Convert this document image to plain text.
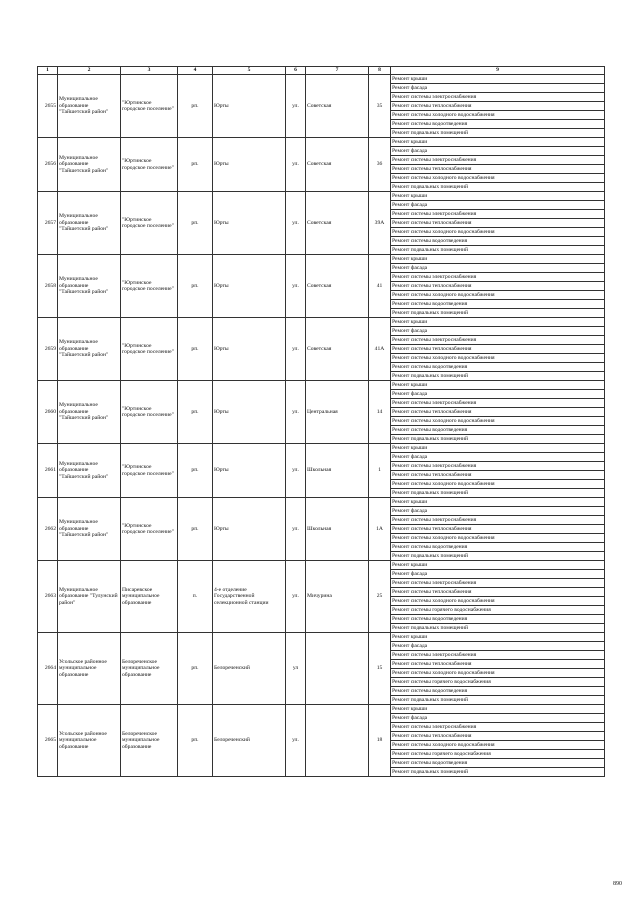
1	2	3	4	5	6	7	8	9
2655	Муниципальное образование "Тайшетский район"	"Юртинское городское поселение"	рп.	Юрты	ул.	Советская	35	Ремонт крыши
								Ремонт фасада
								Ремонт системы электроснабжения
								Ремонт системы теплоснабжения
								Ремонт системы холодного водоснабжения
								Ремонт системы водоотведения
								Ремонт подвальных помещений
2656	Муниципальное образование "Тайшетский район"	"Юртинское городское поселение"	рп.	Юрты	ул.	Советская	36	Ремонт крыши
								Ремонт фасада
								Ремонт системы электроснабжения
								Ремонт системы теплоснабжения
								Ремонт системы холодного водоснабжения
								Ремонт подвальных помещений
2657	Муниципальное образование "Тайшетский район"	"Юртинское городское поселение"	рп.	Юрты	ул.	Советская	39А	Ремонт крыши
								Ремонт фасада
								Ремонт системы электроснабжения
								Ремонт системы теплоснабжения
								Ремонт системы холодного водоснабжения
								Ремонт системы водоотведения
								Ремонт подвальных помещений
2658	Муниципальное образование "Тайшетский район"	"Юртинское городское поселение"	рп.	Юрты	ул.	Советская	41	Ремонт крыши
								Ремонт фасада
								Ремонт системы электроснабжения
								Ремонт системы теплоснабжения
								Ремонт системы холодного водоснабжения
								Ремонт системы водоотведения
								Ремонт подвальных помещений
2659	Муниципальное образование "Тайшетский район"	"Юртинское городское поселение"	рп.	Юрты	ул.	Советская	41А	Ремонт крыши
								Ремонт фасада
								Ремонт системы электроснабжения
								Ремонт системы теплоснабжения
								Ремонт системы холодного водоснабжения
								Ремонт системы водоотведения
								Ремонт подвальных помещений
2660	Муниципальное образование "Тайшетский район"	"Юртинское городское поселение"	рп.	Юрты	ул.	Центральная	14	Ремонт крыши
								Ремонт фасада
								Ремонт системы электроснабжения
								Ремонт системы теплоснабжения
								Ремонт системы холодного водоснабжения
								Ремонт системы водоотведения
								Ремонт подвальных помещений
2661	Муниципальное образование "Тайшетский район"	"Юртинское городское поселение"	рп.	Юрты	ул.	Школьная	1	Ремонт крыши
								Ремонт фасада
								Ремонт системы электроснабжения
								Ремонт системы теплоснабжения
								Ремонт системы холодного водоснабжения
								Ремонт подвальных помещений
2662	Муниципальное образование "Тайшетский район"	"Юртинское городское поселение"	рп.	Юрты	ул.	Школьная	1А	Ремонт крыши
								Ремонт фасада
								Ремонт системы электроснабжения
								Ремонт системы теплоснабжения
								Ремонт системы холодного водоснабжения
								Ремонт системы водоотведения
								Ремонт подвальных помещений
2663	Муниципальное образование "Тулунский район"	Писаревское муниципальное образование	п.	4-е отделение Государственной селекционной станции	ул.	Мичурина	25	Ремонт крыши
								Ремонт фасада
								Ремонт системы электроснабжения
								Ремонт системы теплоснабжения
								Ремонт системы холодного водоснабжения
								Ремонт системы горячего водоснабжения
								Ремонт системы водоотведения
								Ремонт подвальных помещений
2664	Усольское районное муниципальное образование	Белореченское муниципальное образование	рп.	Белореченский	ул		15	Ремонт крыши
								Ремонт фасада
								Ремонт системы электроснабжения
								Ремонт системы теплоснабжения
								Ремонт системы холодного водоснабжения
								Ремонт системы горячего водоснабжения
								Ремонт системы водоотведения
								Ремонт подвальных помещений
2665	Усольское районное муниципальное образование	Белореченское муниципальное образование	рп.	Белореченский	ул.		18	Ремонт крыши
								Ремонт фасада
								Ремонт системы электроснабжения
								Ремонт системы теплоснабжения
								Ремонт системы холодного водоснабжения
								Ремонт системы горячего водоснабжения
								Ремонт системы водоотведения
								Ремонт подвальных помещений
890
